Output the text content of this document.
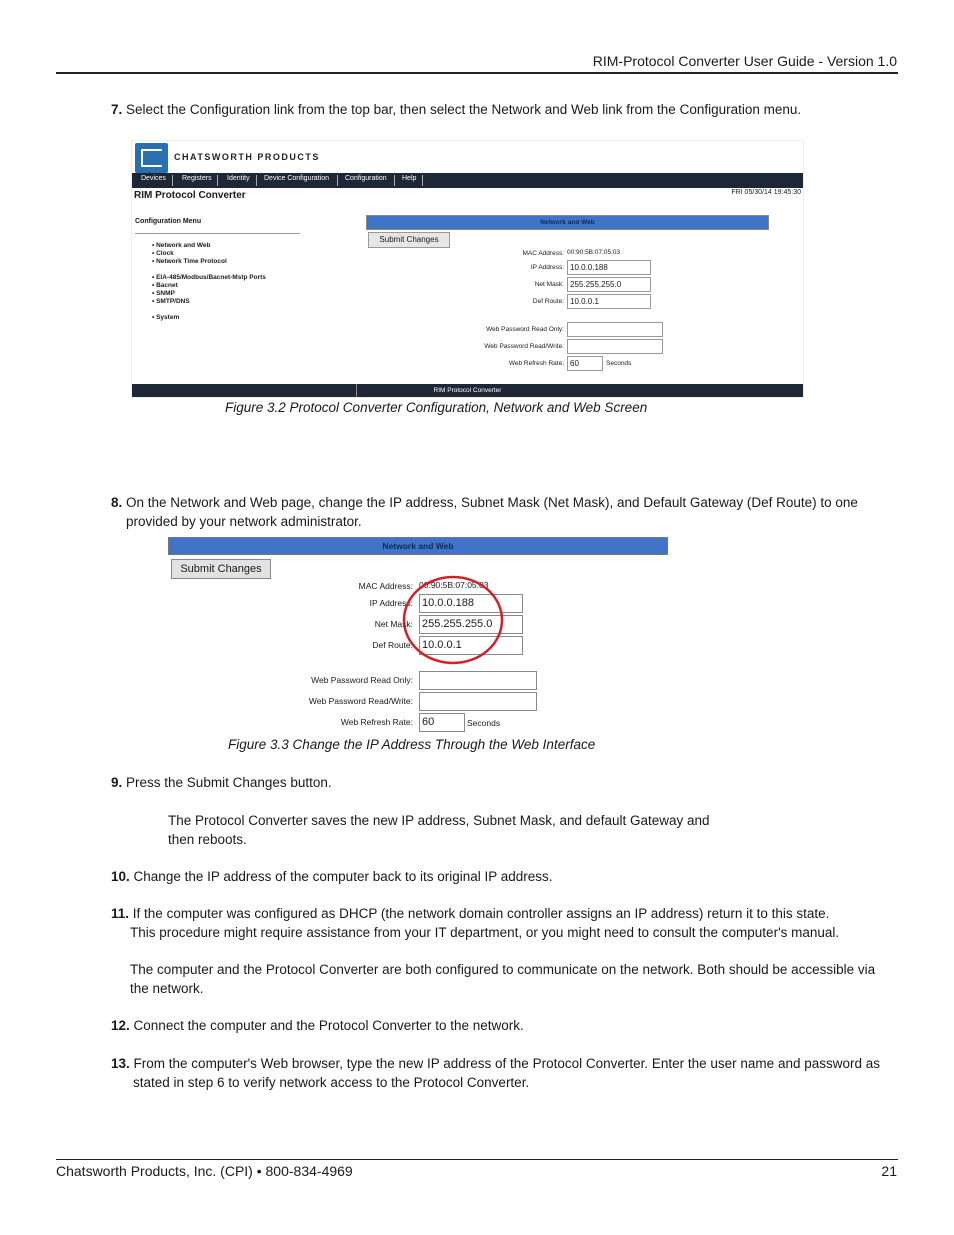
RIM-Protocol Converter User Guide - Version 1.0
7. Select the Configuration link from the top bar, then select the Network and Web link from the Configuration menu.
CHATSWORTH PRODUCTS
Devices Registers Identity Device Configuration Configuration Help
RIM Protocol Converter	FRI 05/30/14 19:45:30
Configuration Menu
• Network and Web
• Clock
• Network Time Protocol
• EIA-485/Modbus/Bacnet-Mstp Ports
• Bacnet
• SNMP
• SMTP/DNS
• System
Network and Web
Submit Changes
MAC Address: 00:90:5B:07:05:03
IP Address: 10.0.0.188
Net Mask: 255.255.255.0
Def Route: 10.0.0.1
Web Password Read Only:
Web Password Read/Write:
Web Refresh Rate: 60	Seconds
RIM Protocol Converter
Figure 3.2 Protocol Converter Configuration, Network and Web Screen
8. On the Network and Web page, change the IP address, Subnet Mask (Net Mask), and Default Gateway (Def Route) to one
provided by your network administrator.
Network and Web
Submit Changes
MAC Address: 00:90:5B:07:05:03
IP Address: 10.0.0.188
Net Mask: 255.255.255.0
Def Route: 10.0.0.1
Web Password Read Only:
Web Password Read/Write:
Web Refresh Rate: 60	Seconds
Figure 3.3 Change the IP Address Through the Web Interface
9. Press the Submit Changes button.
The Protocol Converter saves the new IP address, Subnet Mask, and default Gateway and
then reboots.
10. Change the IP address of the computer back to its original IP address.
11. If the computer was configured as DHCP (the network domain controller assigns an IP address) return it to this state.
This procedure might require assistance from your IT department, or you might need to consult the computer's manual.
The computer and the Protocol Converter are both configured to communicate on the network. Both should be accessible via
the network.
12. Connect the computer and the Protocol Converter to the network.
13. From the computer's Web browser, type the new IP address of the Protocol Converter. Enter the user name and password as
stated in step 6 to verify network access to the Protocol Converter.
Chatsworth Products, Inc. (CPI) • 800-834-4969	21
